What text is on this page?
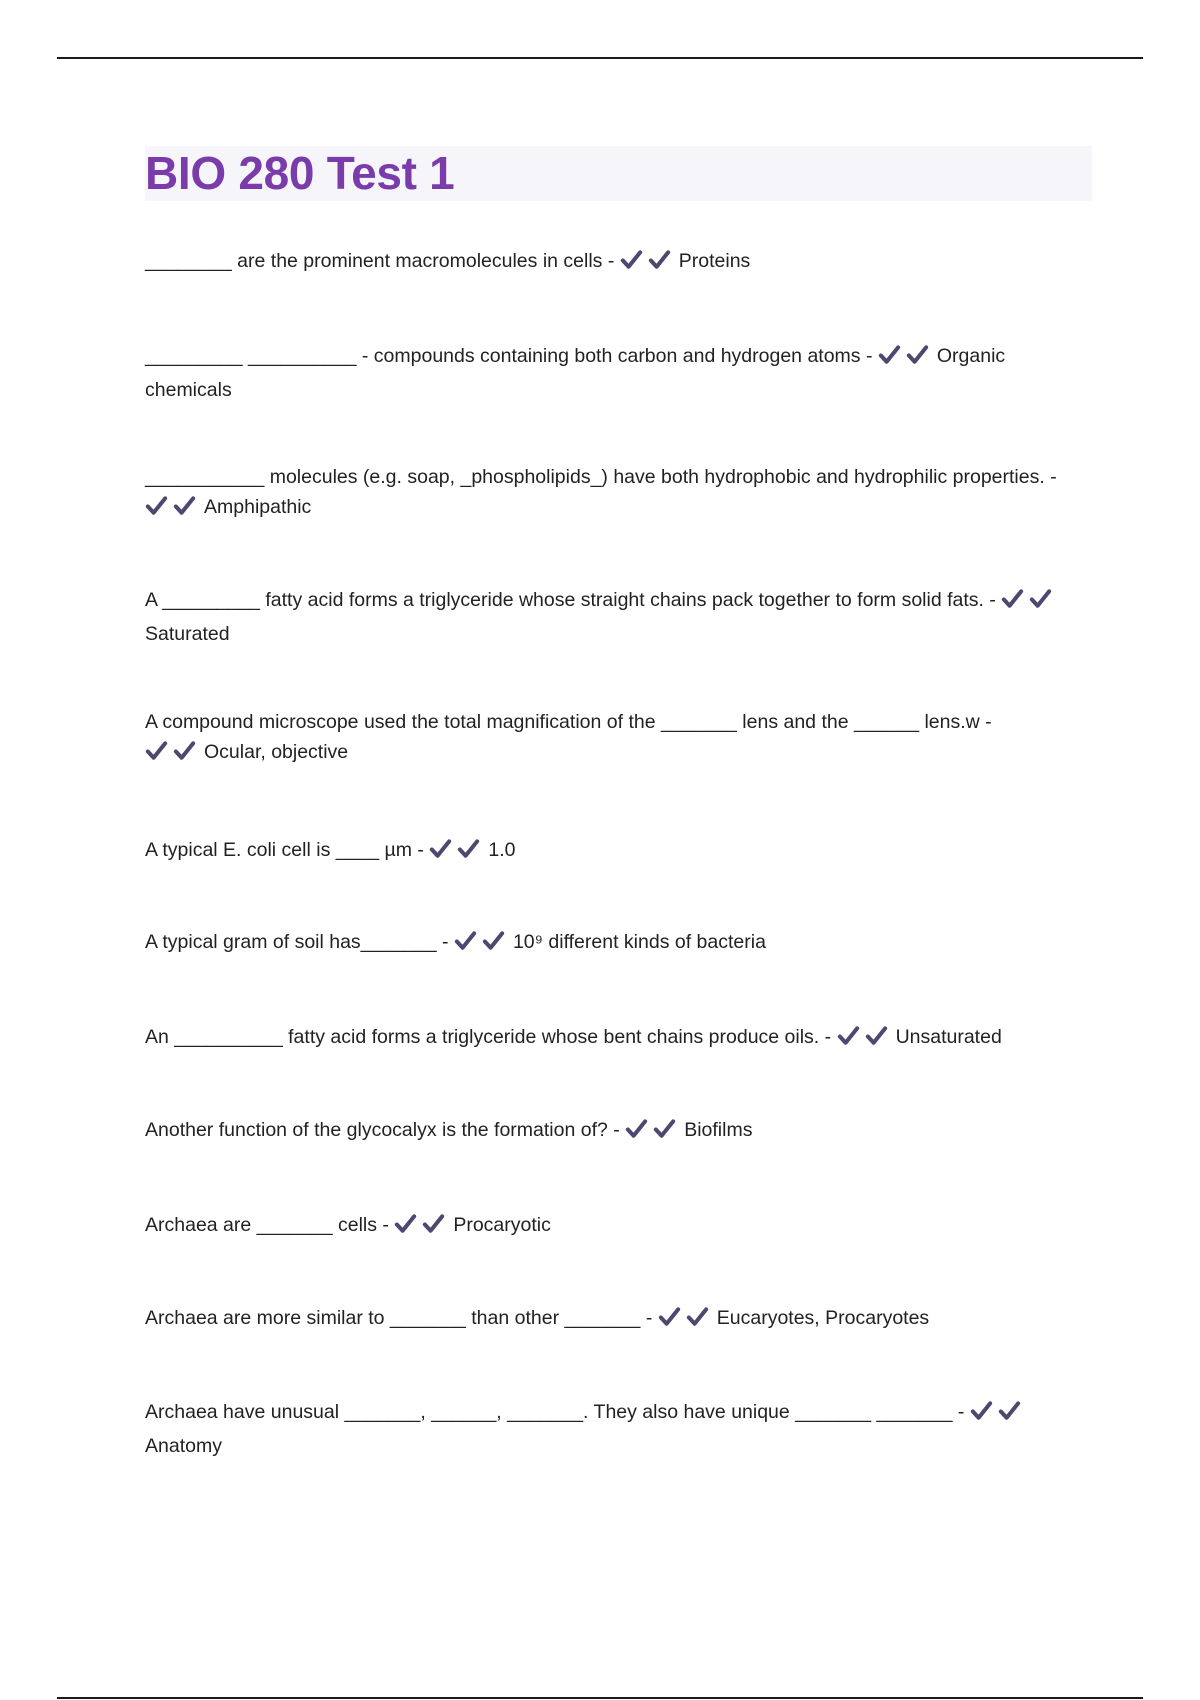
BIO 280 Test 1
________ are the prominent macromolecules in cells -	Proteins
_________ __________ - compounds containing both carbon and hydrogen atoms -	Organic chemicals
___________ molecules (e.g. soap, _phospholipids_) have both hydrophobic and hydrophilic properties. - Amphipathic
A _________ fatty acid forms a triglyceride whose straight chains pack together to form solid fats. - Saturated
A compound microscope used the total magnification of the _______ lens and the ______ lens.w - Ocular, objective
A typical E. coli cell is ____ µm -	1.0
A typical gram of soil has_______ -	10⁹ different kinds of bacteria
An __________ fatty acid forms a triglyceride whose bent chains produce oils. -	Unsaturated
Another function of the glycocalyx is the formation of? -	Biofilms
Archaea are _______ cells -	Procaryotic
Archaea are more similar to _______ than other _______ -	Eucaryotes, Procaryotes
Archaea have unusual _______, ______, _______. They also have unique _______ _______ - Anatomy
